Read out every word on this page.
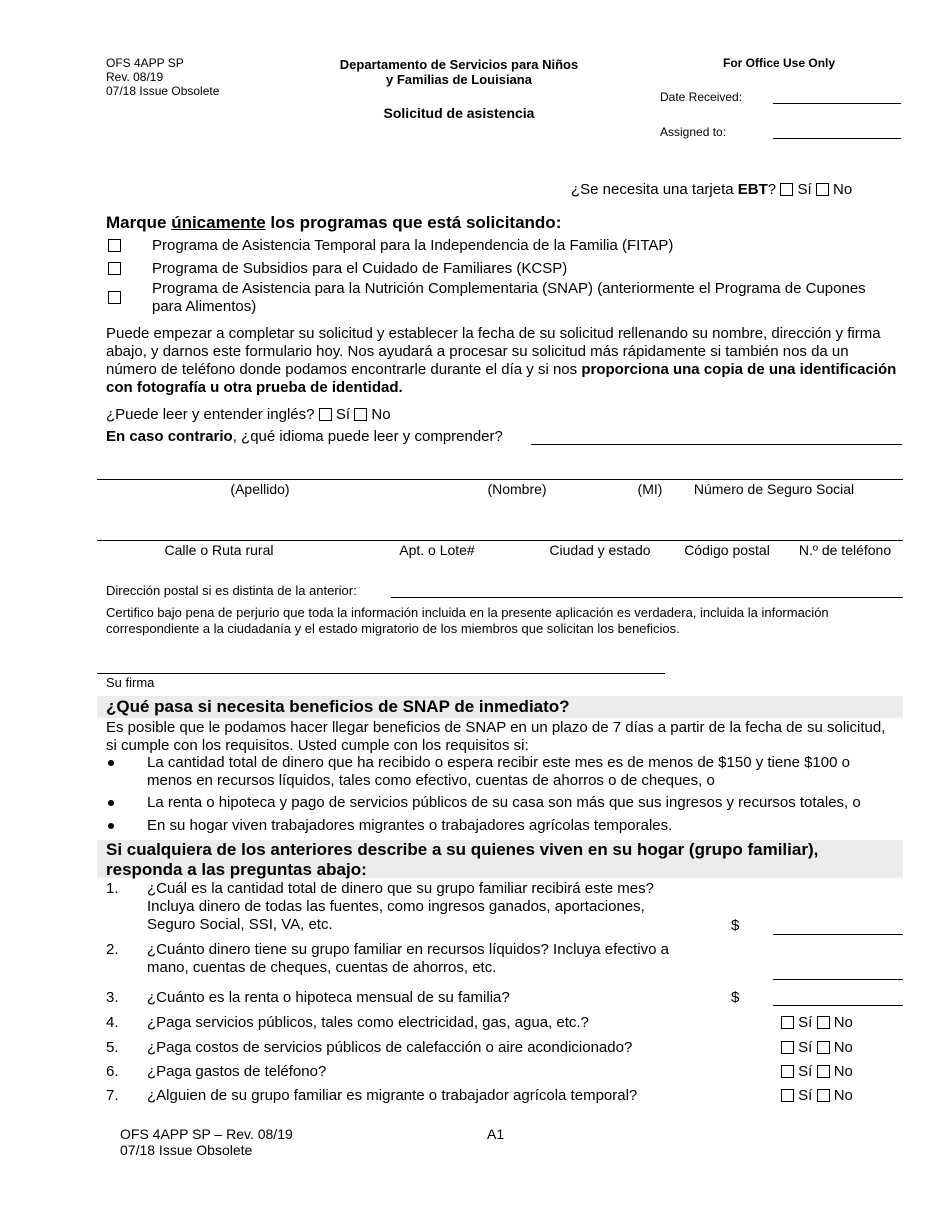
OFS 4APP SP
Rev. 08/19
07/18 Issue Obsolete
Departamento de Servicios para Niños
y Familias de Louisiana
Solicitud de asistencia
For Office Use Only
Date Received:
Assigned to:
¿Se necesita una tarjeta EBT? Sí No
Marque únicamente los programas que está solicitando:
Programa de Asistencia Temporal para la Independencia de la Familia (FITAP)
Programa de Subsidios para el Cuidado de Familiares (KCSP)
Programa de Asistencia para la Nutrición Complementaria (SNAP) (anteriormente el Programa de Cupones para Alimentos)
Puede empezar a completar su solicitud y establecer la fecha de su solicitud rellenando su nombre, dirección y firma abajo, y darnos este formulario hoy. Nos ayudará a procesar su solicitud más rápidamente si también nos da un número de teléfono donde podamos encontrarle durante el día y si nos proporciona una copia de una identificación con fotografía u otra prueba de identidad.
¿Puede leer y entender inglés? Sí No
En caso contrario, ¿qué idioma puede leer y comprender?
(Apellido)	(Nombre)	(MI)	Número de Seguro Social
Calle o Ruta rural	Apt. o Lote#	Ciudad y estado	Código postal	N.º de teléfono
Dirección postal si es distinta de la anterior:
Certifico bajo pena de perjurio que toda la información incluida en la presente aplicación es verdadera, incluida la información correspondiente a la ciudadanía y el estado migratorio de los miembros que solicitan los beneficios.
Su firma
¿Qué pasa si necesita beneficios de SNAP de inmediato?
Es posible que le podamos hacer llegar beneficios de SNAP en un plazo de 7 días a partir de la fecha de su solicitud, si cumple con los requisitos. Usted cumple con los requisitos si:
La cantidad total de dinero que ha recibido o espera recibir este mes es de menos de $150 y tiene $100 o menos en recursos líquidos, tales como efectivo, cuentas de ahorros o de cheques, o
La renta o hipoteca y pago de servicios públicos de su casa son más que sus ingresos y recursos totales, o
En su hogar viven trabajadores migrantes o trabajadores agrícolas temporales.
Si cualquiera de los anteriores describe a su quienes viven en su hogar (grupo familiar), responda a las preguntas abajo:
1. ¿Cuál es la cantidad total de dinero que su grupo familiar recibirá este mes? Incluya dinero de todas las fuentes, como ingresos ganados, aportaciones, Seguro Social, SSI, VA, etc.	$
2. ¿Cuánto dinero tiene su grupo familiar en recursos líquidos? Incluya efectivo a mano, cuentas de cheques, cuentas de ahorros, etc.
3. ¿Cuánto es la renta o hipoteca mensual de su familia?	$
4. ¿Paga servicios públicos, tales como electricidad, gas, agua, etc.?	Sí No
5. ¿Paga costos de servicios públicos de calefacción o aire acondicionado?	Sí No
6. ¿Paga gastos de teléfono?	Sí No
7. ¿Alguien de su grupo familiar es migrante o trabajador agrícola temporal?	Sí No
OFS 4APP SP – Rev. 08/19
07/18 Issue Obsolete
A1
